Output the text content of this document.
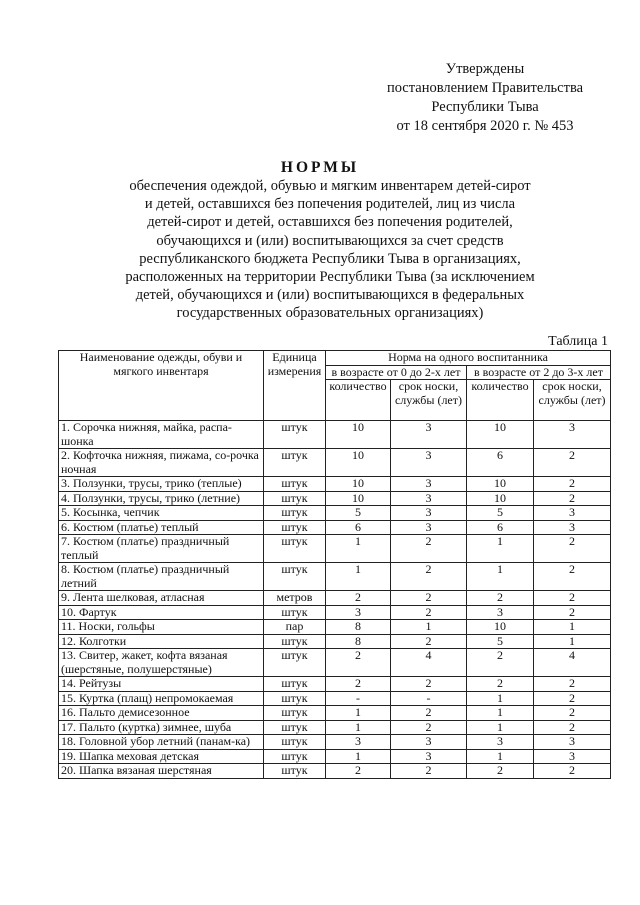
Утверждены
постановлением Правительства
Республики Тыва
от 18 сентября 2020 г. № 453
НОРМЫ
обеспечения одеждой, обувью и мягким инвентарем детей-сирот
и детей, оставшихся без попечения родителей, лиц из числа
детей-сирот и детей, оставшихся без попечения родителей,
обучающихся и (или) воспитывающихся за счет средств
республиканского бюджета Республики Тыва в организациях,
расположенных на территории Республики Тыва (за исключением
детей, обучающихся и (или) воспитывающихся в федеральных
государственных образовательных организациях)
Таблица 1
Наименование одежды, обуви и мягкого инвентаря	Единица измерения	Норма на одного воспитанника			
		в возрасте от 0 до 2-х лет		в возрасте от 2 до 3-х лет	
		количество	срок носки, службы (лет)	количество	срок носки, службы (лет)
1. Сорочка нижняя, майка, распа-шонка	штук	10	3	10	3
2. Кофточка нижняя, пижама, со-рочка ночная	штук	10	3	6	2
3. Ползунки, трусы, трико (теплые)	штук	10	3	10	2
4. Ползунки, трусы, трико (летние)	штук	10	3	10	2
5. Косынка, чепчик	штук	5	3	5	3
6. Костюм (платье) теплый	штук	6	3	6	3
7. Костюм (платье) праздничный теплый	штук	1	2	1	2
8. Костюм (платье) праздничный летний	штук	1	2	1	2
9. Лента шелковая, атласная	метров	2	2	2	2
10. Фартук	штук	3	2	3	2
11. Носки, гольфы	пар	8	1	10	1
12. Колготки	штук	8	2	5	1
13. Свитер, жакет, кофта вязаная (шерстяные, полушерстяные)	штук	2	4	2	4
14. Рейтузы	штук	2	2	2	2
15. Куртка (плащ) непромокаемая	штук	-	-	1	2
16. Пальто демисезонное	штук	1	2	1	2
17. Пальто (куртка) зимнее, шуба	штук	1	2	1	2
18. Головной убор летний (панам-ка)	штук	3	3	3	3
19. Шапка меховая детская	штук	1	3	1	3
20. Шапка вязаная шерстяная	штук	2	2	2	2
